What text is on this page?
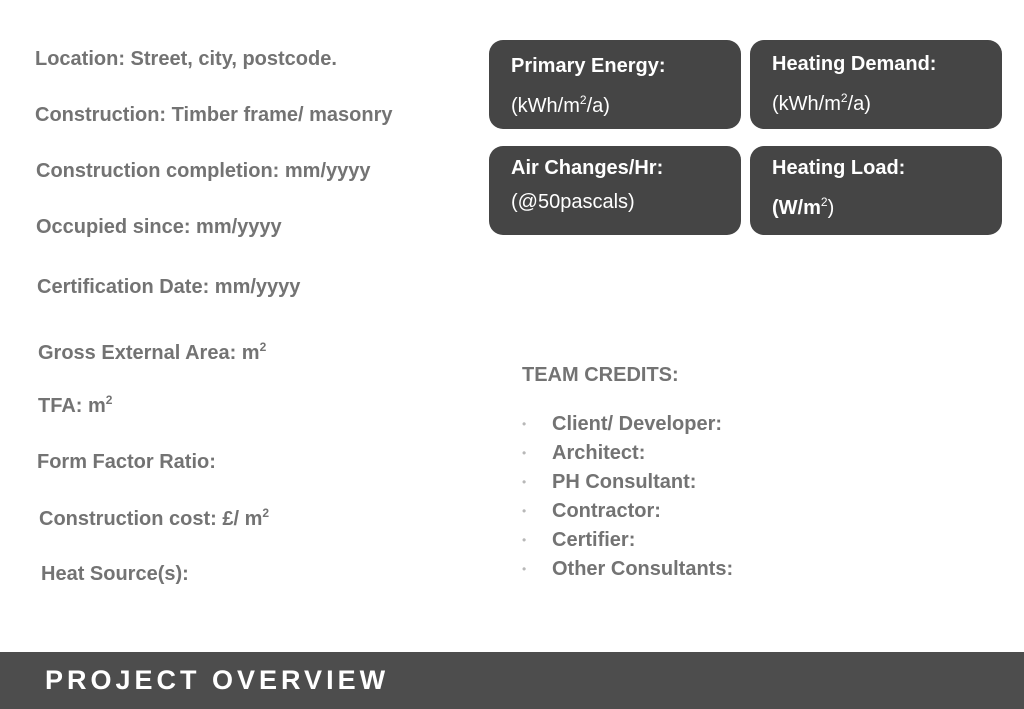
Location: Street, city, postcode.
Construction: Timber frame/ masonry
Construction completion: mm/yyyy
Occupied since: mm/yyyy
Certification Date: mm/yyyy
Gross External Area: $m^2$
TFA: $m^2$
Form Factor Ratio:
Construction cost: £/ $m^2$
Heat Source(s):
Primary Energy:
$(kWh/m^2/a)$
Heating Demand:
$(kWh/m^2/a)$
Air Changes/Hr:
(@50pascals)
Heating Load:
$(W/m^2)$
TEAM CREDITS:
• Client/ Developer:
• Architect:
• PH Consultant:
• Contractor:
• Certifier:
• Other Consultants:
PROJECT OVERVIEW
